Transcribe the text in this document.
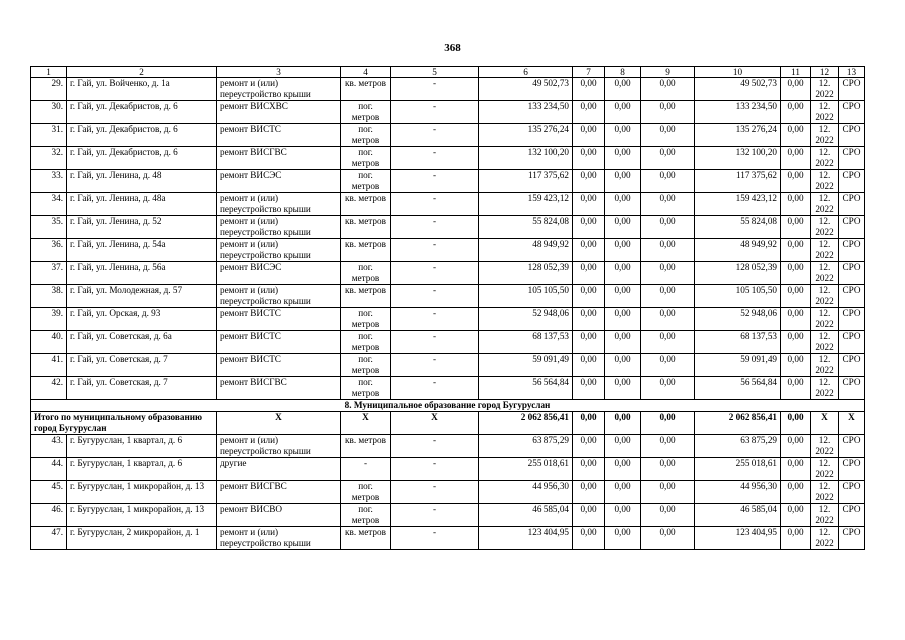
368
1	2	3	4	5	6	7	8	9	10	11	12	13
29.	г. Гай, ул. Войченко, д. 1а	ремонт и (или) переустройство крыши	кв. метров	-	49 502,73	0,00	0,00	0,00	49 502,73	0,00	12. 2022	СРО
30.	г. Гай, ул. Декабристов, д. 6	ремонт ВИСХВС	пог. метров	-	133 234,50	0,00	0,00	0,00	133 234,50	0,00	12. 2022	СРО
31.	г. Гай, ул. Декабристов, д. 6	ремонт ВИСТС	пог. метров	-	135 276,24	0,00	0,00	0,00	135 276,24	0,00	12. 2022	СРО
32.	г. Гай, ул. Декабристов, д. 6	ремонт ВИСГВС	пог. метров	-	132 100,20	0,00	0,00	0,00	132 100,20	0,00	12. 2022	СРО
33.	г. Гай, ул. Ленина, д. 48	ремонт ВИСЭС	пог. метров	-	117 375,62	0,00	0,00	0,00	117 375,62	0,00	12. 2022	СРО
34.	г. Гай, ул. Ленина, д. 48а	ремонт и (или) переустройство крыши	кв. метров	-	159 423,12	0,00	0,00	0,00	159 423,12	0,00	12. 2022	СРО
35.	г. Гай, ул. Ленина, д. 52	ремонт и (или) переустройство крыши	кв. метров	-	55 824,08	0,00	0,00	0,00	55 824,08	0,00	12. 2022	СРО
36.	г. Гай, ул. Ленина, д. 54а	ремонт и (или) переустройство крыши	кв. метров	-	48 949,92	0,00	0,00	0,00	48 949,92	0,00	12. 2022	СРО
37.	г. Гай, ул. Ленина, д. 56а	ремонт ВИСЭС	пог. метров	-	128 052,39	0,00	0,00	0,00	128 052,39	0,00	12. 2022	СРО
38.	г. Гай, ул. Молодежная, д. 57	ремонт и (или) переустройство крыши	кв. метров	-	105 105,50	0,00	0,00	0,00	105 105,50	0,00	12. 2022	СРО
39.	г. Гай, ул. Орская, д. 93	ремонт ВИСТС	пог. метров	-	52 948,06	0,00	0,00	0,00	52 948,06	0,00	12. 2022	СРО
40.	г. Гай, ул. Советская, д. 6а	ремонт ВИСТС	пог. метров	-	68 137,53	0,00	0,00	0,00	68 137,53	0,00	12. 2022	СРО
41.	г. Гай, ул. Советская, д. 7	ремонт ВИСТС	пог. метров	-	59 091,49	0,00	0,00	0,00	59 091,49	0,00	12. 2022	СРО
42.	г. Гай, ул. Советская, д. 7	ремонт ВИСГВС	пог. метров	-	56 564,84	0,00	0,00	0,00	56 564,84	0,00	12. 2022	СРО
8. Муниципальное образование город Бугуруслан												
Итого по муниципальному образованию город Бугуруслан		X	X	X	2 062 856,41	0,00	0,00	0,00	2 062 856,41	0,00	X	X
43.	г. Бугуруслан, 1 квартал, д. 6	ремонт и (или) переустройство крыши	кв. метров	-	63 875,29	0,00	0,00	0,00	63 875,29	0,00	12. 2022	СРО
44.	г. Бугуруслан, 1 квартал, д. 6	другие	-	-	255 018,61	0,00	0,00	0,00	255 018,61	0,00	12. 2022	СРО
45.	г. Бугуруслан, 1 микрорайон, д. 13	ремонт ВИСГВС	пог. метров	-	44 956,30	0,00	0,00	0,00	44 956,30	0,00	12. 2022	СРО
46.	г. Бугуруслан, 1 микрорайон, д. 13	ремонт ВИСВО	пог. метров	-	46 585,04	0,00	0,00	0,00	46 585,04	0,00	12. 2022	СРО
47.	г. Бугуруслан, 2 микрорайон, д. 1	ремонт и (или) переустройство крыши	кв. метров	-	123 404,95	0,00	0,00	0,00	123 404,95	0,00	12. 2022	СРО
